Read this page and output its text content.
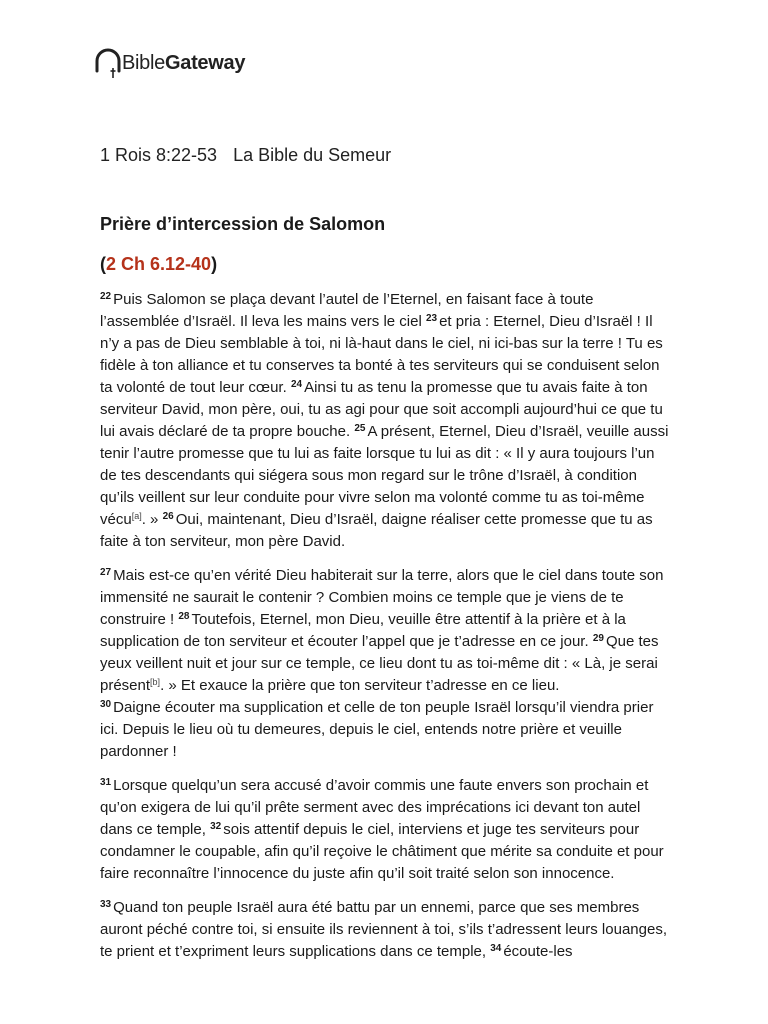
BibleGateway
1 Rois 8:22-53 La Bible du Semeur
Prière d’intercession de Salomon
(2 Ch 6.12-40)

$^{22}$ Puis Salomon se plaça devant l’autel de l’Eternel, en faisant face à toute l’assemblée d’Israël. Il leva les mains vers le ciel $^{23}$ et pria : Eternel, Dieu d’Israël ! Il n’y a pas de Dieu semblable à toi, ni là-haut dans le ciel, ni ici-bas sur la terre ! Tu es fidèle à ton alliance et tu conserves ta bonté à tes serviteurs qui se conduisent selon ta volonté de tout leur cœur. $^{24}$ Ainsi tu as tenu la promesse que tu avais faite à ton serviteur David, mon père, oui, tu as agi pour que soit accompli aujourd’hui ce que tu lui avais déclaré de ta propre bouche. $^{25}$ A présent, Eternel, Dieu d’Israël, veuille aussi tenir l’autre promesse que tu lui as faite lorsque tu lui as dit : « Il y aura toujours l’un de tes descendants qui siégera sous mon regard sur le trône d’Israël, à condition qu’ils veillent sur leur conduite pour vivre selon ma volonté comme tu as toi-même vécu[a]. » $^{26}$ Oui, maintenant, Dieu d’Israël, daigne réaliser cette promesse que tu as faite à ton serviteur, mon père David.

$^{27}$ Mais est-ce qu’en vérité Dieu habiterait sur la terre, alors que le ciel dans toute son immensité ne saurait le contenir ? Combien moins ce temple que je viens de te construire ! $^{28}$ Toutefois, Eternel, mon Dieu, veuille être attentif à la prière et à la supplication de ton serviteur et écouter l’appel que je t’adresse en ce jour. $^{29}$ Que tes yeux veillent nuit et jour sur ce temple, ce lieu dont tu as toi-même dit : « Là, je serai présent[b]. » Et exauce la prière que ton serviteur t’adresse en ce lieu.
$^{30}$ Daigne écouter ma supplication et celle de ton peuple Israël lorsqu’il viendra prier ici. Depuis le lieu où tu demeures, depuis le ciel, entends notre prière et veuille pardonner !

$^{31}$ Lorsque quelqu’un sera accusé d’avoir commis une faute envers son prochain et qu’on exigera de lui qu’il prête serment avec des imprécations ici devant ton autel dans ce temple, $^{32}$ sois attentif depuis le ciel, interviens et juge tes serviteurs pour condamner le coupable, afin qu’il reçoive le châtiment que mérite sa conduite et pour faire reconnaître l’innocence du juste afin qu’il soit traité selon son innocence.

$^{33}$ Quand ton peuple Israël aura été battu par un ennemi, parce que ses membres auront péché contre toi, si ensuite ils reviennent à toi, s’ils t’adressent leurs louanges, te prient et t’expriment leurs supplications dans ce temple, $^{34}$ écoute-les
